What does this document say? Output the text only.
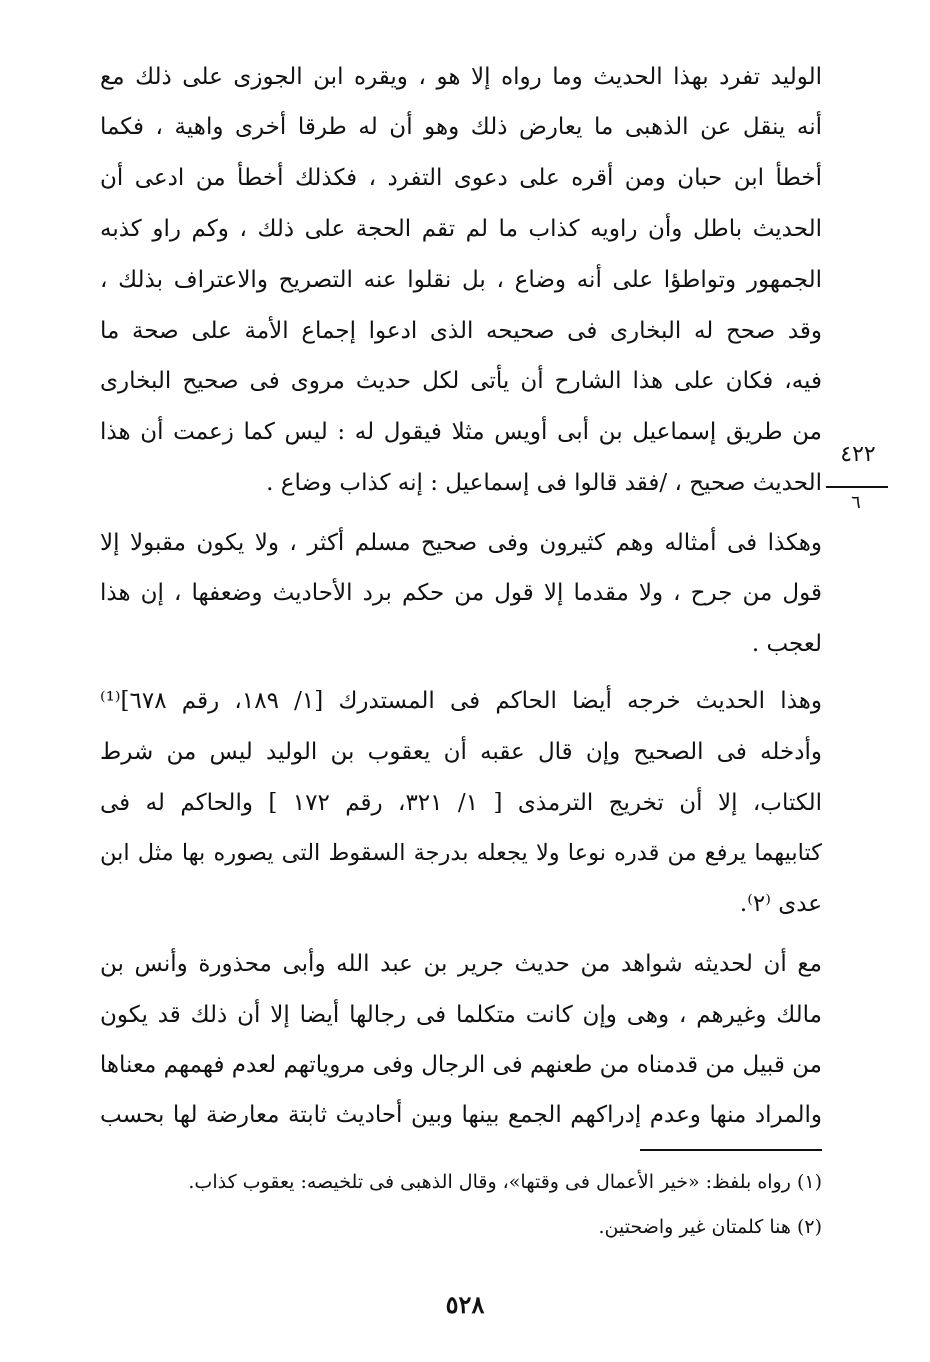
الوليد تفرد بهذا الحديث وما رواه إلا هو ، ويقره ابن الجوزى على ذلك مع
أنه ينقل عن الذهبى ما يعارض ذلك وهو أن له طرقا أخرى واهية ، فكما
أخطأ ابن حبان ومن أقره على دعوى التفرد ، فكذلك أخطأ من ادعى أن
الحديث باطل وأن راويه كذاب ما لم تقم الحجة على ذلك ، وكم راو كذبه
الجمهور وتواطؤا على أنه وضاع ، بل نقلوا عنه التصريح والاعتراف بذلك ،
وقد صحح له البخارى فى صحيحه الذى ادعوا إجماع الأمة على صحة ما
فيه، فكان على هذا الشارح أن يأتى لكل حديث مروى فى صحيح البخارى
من طريق إسماعيل بن أبى أويس مثلا فيقول له : ليس كما زعمت أن هذا
الحديث صحيح ، /فقد قالوا فى إسماعيل : إنه كذاب وضاع .
وهكذا فى أمثاله وهم كثيرون وفى صحيح مسلم أكثر ، ولا يكون مقبولا إلا
قول من جرح ، ولا مقدما إلا قول من حكم برد الأحاديث وضعفها ، إن هذا
لعجب .
وهذا الحديث خرجه أيضا الحاكم فى المستدرك [١/ ١٨٩، رقم ٦٧٨]⁽¹⁾
وأدخله فى الصحيح وإن قال عقبه أن يعقوب بن الوليد ليس من شرط
الكتاب، إلا أن تخريج الترمذى [ ١/ ٣٢١، رقم ١٧٢ ] والحاكم له فى
كتابيهما يرفع من قدره نوعا ولا يجعله بدرجة السقوط التى يصوره بها مثل ابن
عدى ⁽٢⁾.
مع أن لحديثه شواهد من حديث جرير بن عبد الله وأبى محذورة وأنس بن
مالك وغيرهم ، وهى وإن كانت متكلما فى رجالها أيضا إلا أن ذلك قد يكون
من قبيل من قدمناه من طعنهم فى الرجال وفى مروياتهم لعدم فهمهم معناها
والمراد منها وعدم إدراكهم الجمع بينها وبين أحاديث ثابتة معارضة لها بحسب
٤٢٢
٦
(١) رواه بلفظ: «خير الأعمال فى وقتها»، وقال الذهبى فى تلخيصه: يعقوب كذاب.
(٢) هنا كلمتان غير واضحتين.
٥٢٨
